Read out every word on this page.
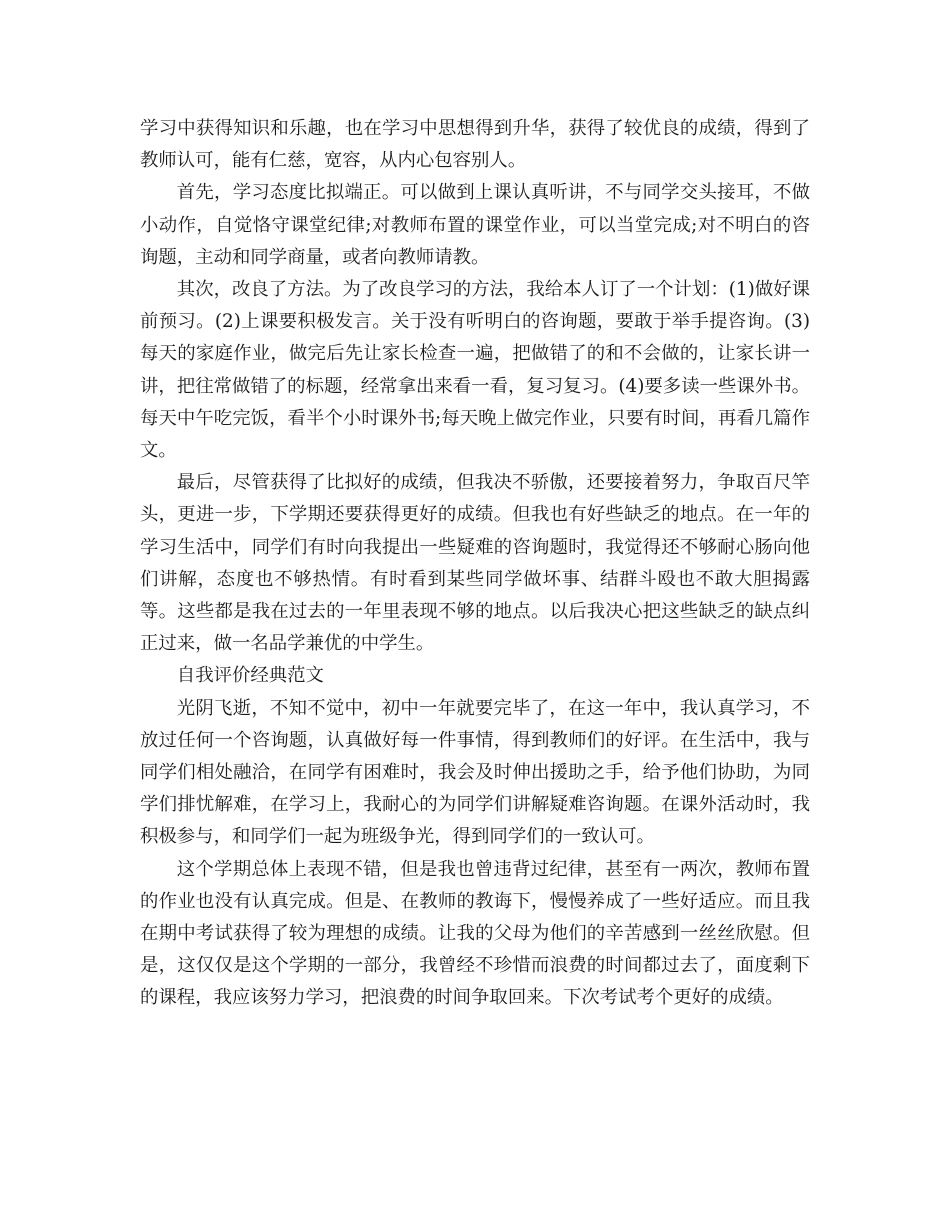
学习中获得知识和乐趣，也在学习中思想得到升华，获得了较优良的成绩，得到了教师认可，能有仁慈，宽容，从内心包容别人。

首先，学习态度比拟端正。可以做到上课认真听讲，不与同学交头接耳，不做小动作，自觉恪守课堂纪律;对教师布置的课堂作业，可以当堂完成;对不明白的咨询题，主动和同学商量，或者向教师请教。

其次，改良了方法。为了改良学习的方法，我给本人订了一个计划：(1)做好课前预习。(2)上课要积极发言。关于没有听明白的咨询题，要敢于举手提咨询。(3)每天的家庭作业，做完后先让家长检查一遍，把做错了的和不会做的，让家长讲一讲，把往常做错了的标题，经常拿出来看一看，复习复习。(4)要多读一些课外书。每天中午吃完饭，看半个小时课外书;每天晚上做完作业，只要有时间，再看几篇作文。

最后，尽管获得了比拟好的成绩，但我决不骄傲，还要接着努力，争取百尺竿头，更进一步，下学期还要获得更好的成绩。但我也有好些缺乏的地点。在一年的学习生活中，同学们有时向我提出一些疑难的咨询题时，我觉得还不够耐心肠向他们讲解，态度也不够热情。有时看到某些同学做坏事、结群斗殴也不敢大胆揭露等。这些都是我在过去的一年里表现不够的地点。以后我决心把这些缺乏的缺点纠正过来，做一名品学兼优的中学生。

自我评价经典范文

光阴飞逝，不知不觉中，初中一年就要完毕了，在这一年中，我认真学习，不放过任何一个咨询题，认真做好每一件事情，得到教师们的好评。在生活中，我与同学们相处融洽，在同学有困难时，我会及时伸出援助之手，给予他们协助，为同学们排忧解难，在学习上，我耐心的为同学们讲解疑难咨询题。在课外活动时，我积极参与，和同学们一起为班级争光，得到同学们的一致认可。

这个学期总体上表现不错，但是我也曾违背过纪律，甚至有一两次，教师布置的作业也没有认真完成。但是、在教师的教诲下，慢慢养成了一些好适应。而且我在期中考试获得了较为理想的成绩。让我的父母为他们的辛苦感到一丝丝欣慰。但是，这仅仅是这个学期的一部分，我曾经不珍惜而浪费的时间都过去了，面度剩下的课程，我应该努力学习，把浪费的时间争取回来。下次考试考个更好的成绩。
